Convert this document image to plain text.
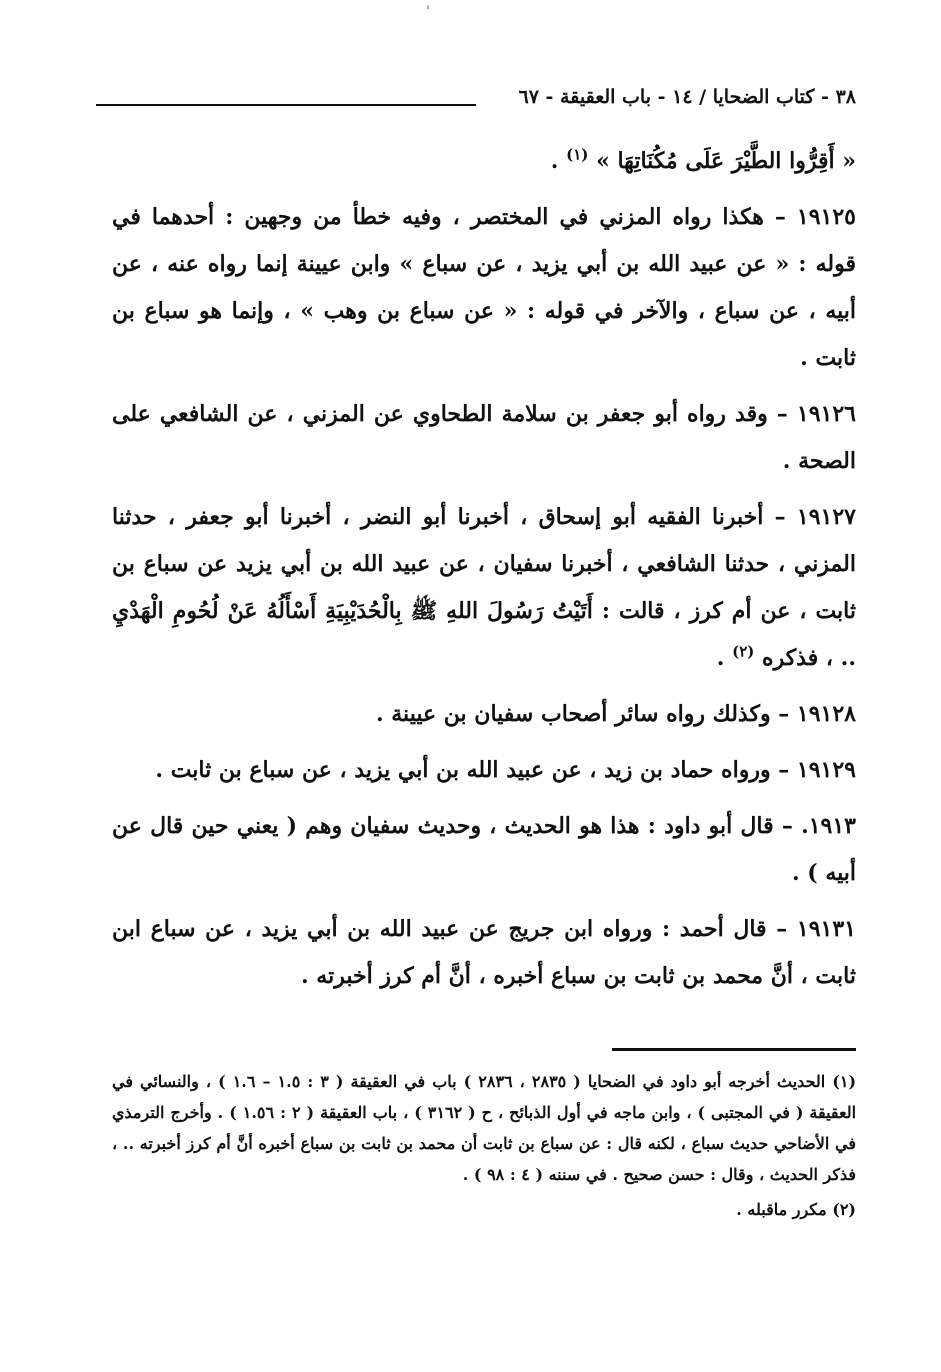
'
٣٨ - كتاب الضحايا / ١٤ - باب العقيقة - ٦٧

« أَقِرُّوا الطَّيْرَ عَلَى مُكُنَاتِهَا » $^{(١)}$ .

١٩١٢٥ – هكذا رواه المزني في المختصر ، وفيه خطأ من وجهين : أحدهما في قوله : « عن عبيد الله بن أبي يزيد ، عن سباع » وابن عيينة إنما رواه عنه ، عن أبيه ، عن سباع ، والآخر في قوله : « عن سباع بن وهب » ، وإنما هو سباع بن ثابت .

١٩١٢٦ – وقد رواه أبو جعفر بن سلامة الطحاوي عن المزني ، عن الشافعي على الصحة .

١٩١٢٧ – أخبرنا الفقيه أبو إسحاق ، أخبرنا أبو النضر ، أخبرنا أبو جعفر ، حدثنا المزني ، حدثنا الشافعي ، أخبرنا سفيان ، عن عبيد الله بن أبي يزيد عن سباع بن ثابت ، عن أم كرز ، قالت : أَتَيْتُ رَسُولَ اللهِ ﷺ بِالْحُدَيْبِيَةِ أَسْأَلُهُ عَنْ لُحُومِ الْهَدْيِ .. ، فذكره $^{(٢)}$ .

١٩١٢٨ – وكذلك رواه سائر أصحاب سفيان بن عيينة .

١٩١٢٩ – ورواه حماد بن زيد ، عن عبيد الله بن أبي يزيد ، عن سباع بن ثابت .

١٩١٣. – قال أبو داود : هذا هو الحديث ، وحديث سفيان وهم ( يعني حين قال عن أبيه ) .

١٩١٣١ – قال أحمد : ورواه ابن جريج عن عبيد الله بن أبي يزيد ، عن سباع ابن ثابت ، أنَّ محمد بن ثابت بن سباع أخبره ، أنَّ أم كرز أخبرته .

(١) الحديث أخرجه أبو داود في الضحايا ( ٢٨٣٥ ، ٢٨٣٦ ) باب في العقيقة ( ٣ : ١.٥ – ١.٦ ) ، والنسائي في العقيقة ( في المجتبى ) ، وابن ماجه في أول الذبائح ، ح ( ٣١٦٢ ) ، باب العقيقة ( ٢ : ١.٥٦ ) . وأخرج الترمذي في الأضاحي حديث سباع ، لكنه قال : عن سباع بن ثابت أن محمد بن ثابت بن سباع أخبره أنَّ أم كرز أخبرته .. ، فذكر الحديث ، وقال : حسن صحيح . في سننه ( ٤ : ٩٨ ) .

(٢) مكرر ماقبله .
